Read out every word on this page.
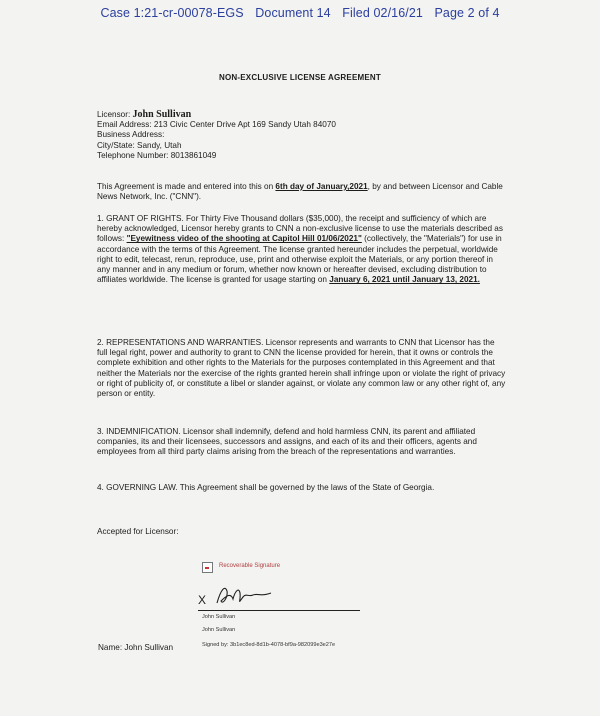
Case 1:21-cr-00078-EGS Document 14 Filed 02/16/21 Page 2 of 4
NON-EXCLUSIVE LICENSE AGREEMENT
Licensor: John Sullivan
Email Address: 213 Civic Center Drive Apt 169 Sandy Utah 84070
Business Address:
City/State: Sandy, Utah
Telephone Number: 8013861049
This Agreement is made and entered into this on 6th day of January,2021, by and between Licensor and Cable News Network, Inc. ("CNN").
1. GRANT OF RIGHTS. For Thirty Five Thousand dollars ($35,000), the receipt and sufficiency of which are hereby acknowledged, Licensor hereby grants to CNN a non-exclusive license to use the materials described as follows: "Eyewitness video of the shooting at Capitol Hill 01/06/2021" (collectively, the "Materials") for use in accordance with the terms of this Agreement. The license granted hereunder includes the perpetual, worldwide right to edit, telecast, rerun, reproduce, use, print and otherwise exploit the Materials, or any portion thereof in any manner and in any medium or forum, whether now known or hereafter devised, excluding distribution to affiliates worldwide. The license is granted for usage starting on January 6, 2021 until January 13, 2021.
2. REPRESENTATIONS AND WARRANTIES. Licensor represents and warrants to CNN that Licensor has the full legal right, power and authority to grant to CNN the license provided for herein, that it owns or controls the complete exhibition and other rights to the Materials for the purposes contemplated in this Agreement and that neither the Materials nor the exercise of the rights granted herein shall infringe upon or violate the right of privacy or right of publicity of, or constitute a libel or slander against, or violate any common law or any other right of, any person or entity.
3. INDEMNIFICATION. Licensor shall indemnify, defend and hold harmless CNN, its parent and affiliated companies, its and their licensees, successors and assigns, and each of its and their officers, agents and employees from all third party claims arising from the breach of the representations and warranties.
4. GOVERNING LAW. This Agreement shall be governed by the laws of the State of Georgia.
Accepted for Licensor:
Recoverable Signature
X
John Sullivan
John Sullivan
Signed by: 3b1ec8ed-8d1b-4078-bf9a-982099e3e27e
Name: John Sullivan
